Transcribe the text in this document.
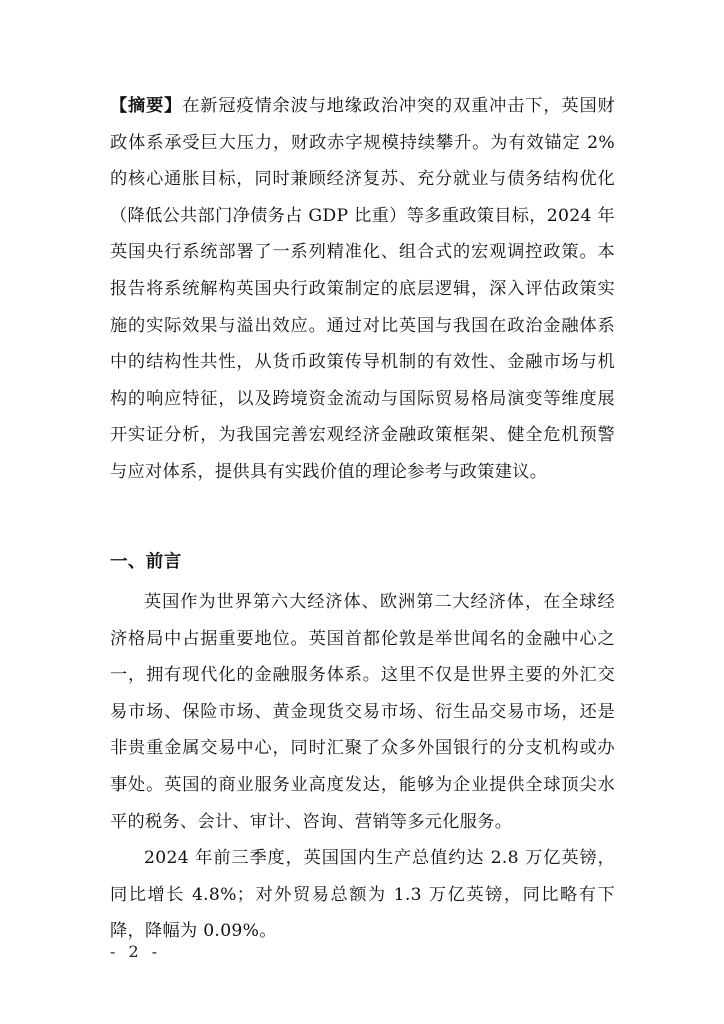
【摘要】在新冠疫情余波与地缘政治冲突的双重冲击下，英国财政体系承受巨大压力，财政赤字规模持续攀升。为有效锚定 2%的核心通胀目标，同时兼顾经济复苏、充分就业与债务结构优化（降低公共部门净债务占 GDP 比重）等多重政策目标，2024 年英国央行系统部署了一系列精准化、组合式的宏观调控政策。本报告将系统解构英国央行政策制定的底层逻辑，深入评估政策实施的实际效果与溢出效应。通过对比英国与我国在政治金融体系中的结构性共性，从货币政策传导机制的有效性、金融市场与机构的响应特征，以及跨境资金流动与国际贸易格局演变等维度展开实证分析，为我国完善宏观经济金融政策框架、健全危机预警与应对体系，提供具有实践价值的理论参考与政策建议。
一、前言

英国作为世界第六大经济体、欧洲第二大经济体，在全球经济格局中占据重要地位。英国首都伦敦是举世闻名的金融中心之一，拥有现代化的金融服务体系。这里不仅是世界主要的外汇交易市场、保险市场、黄金现货交易市场、衍生品交易市场，还是非贵重金属交易中心，同时汇聚了众多外国银行的分支机构或办事处。英国的商业服务业高度发达，能够为企业提供全球顶尖水平的税务、会计、审计、咨询、营销等多元化服务。

2024 年前三季度，英国国内生产总值约达 2.8 万亿英镑，同比增长 4.8%；对外贸易总额为 1.3 万亿英镑，同比略有下降，降幅为 0.09%。

- 2 -
